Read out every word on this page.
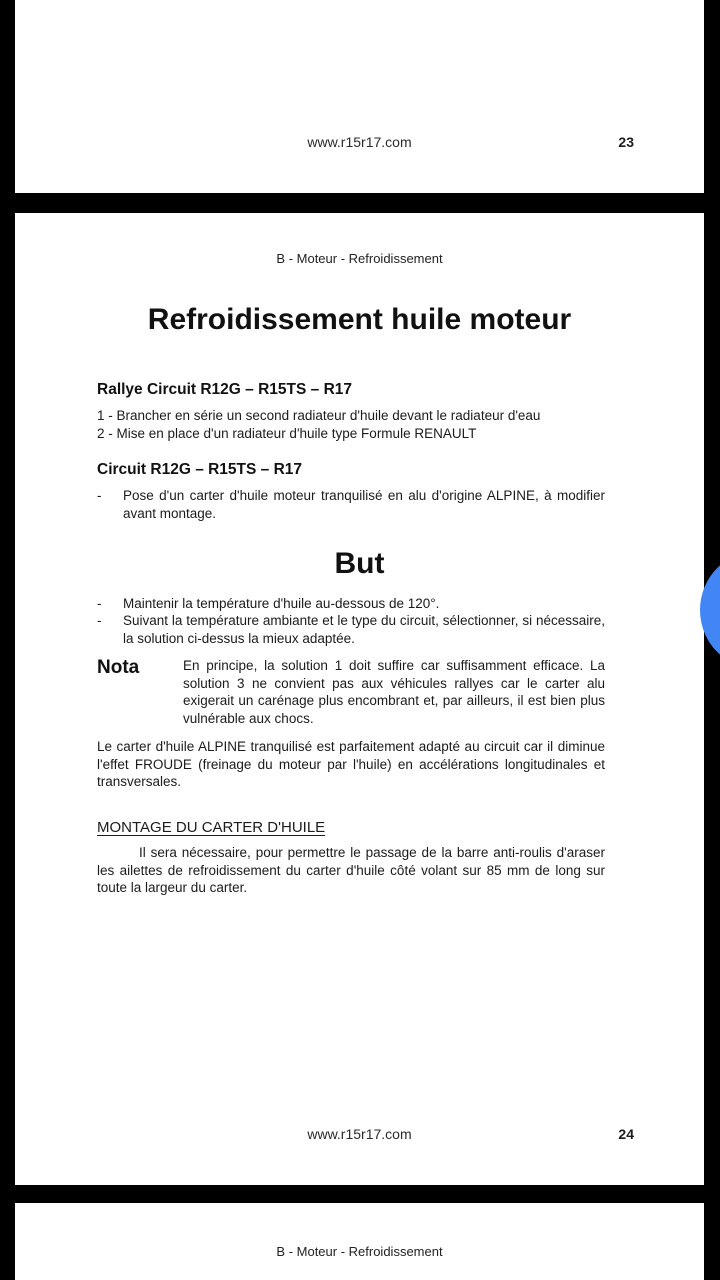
www.r15r17.com	23
B - Moteur - Refroidissement
Refroidissement huile moteur
Rallye Circuit R12G – R15TS – R17
1 - Brancher en série un second radiateur d'huile devant le radiateur d'eau
2 - Mise en place d'un radiateur d'huile type Formule RENAULT
Circuit R12G – R15TS – R17
-	Pose d'un carter d'huile moteur tranquilisé en alu d'origine ALPINE, à modifier avant montage.
But
-	Maintenir la température d'huile au-dessous de 120°.
-	Suivant la température ambiante et le type du circuit, sélectionner, si nécessaire, la solution ci-dessus la mieux adaptée.
Nota	En principe, la solution 1 doit suffire car suffisamment efficace. La solution 3 ne convient pas aux véhicules rallyes car le carter alu exigerait un carénage plus encombrant et, par ailleurs, il est bien plus vulnérable aux chocs.
Le carter d'huile ALPINE tranquilisé est parfaitement adapté au circuit car il diminue l'effet FROUDE (freinage du moteur par l'huile) en accélérations longitudinales et transversales.
MONTAGE DU CARTER D'HUILE
Il sera nécessaire, pour permettre le passage de la barre anti-roulis d'araser les ailettes de refroidissement du carter d'huile côté volant sur 85 mm de long sur toute la largeur du carter.
www.r15r17.com	24
B - Moteur - Refroidissement
